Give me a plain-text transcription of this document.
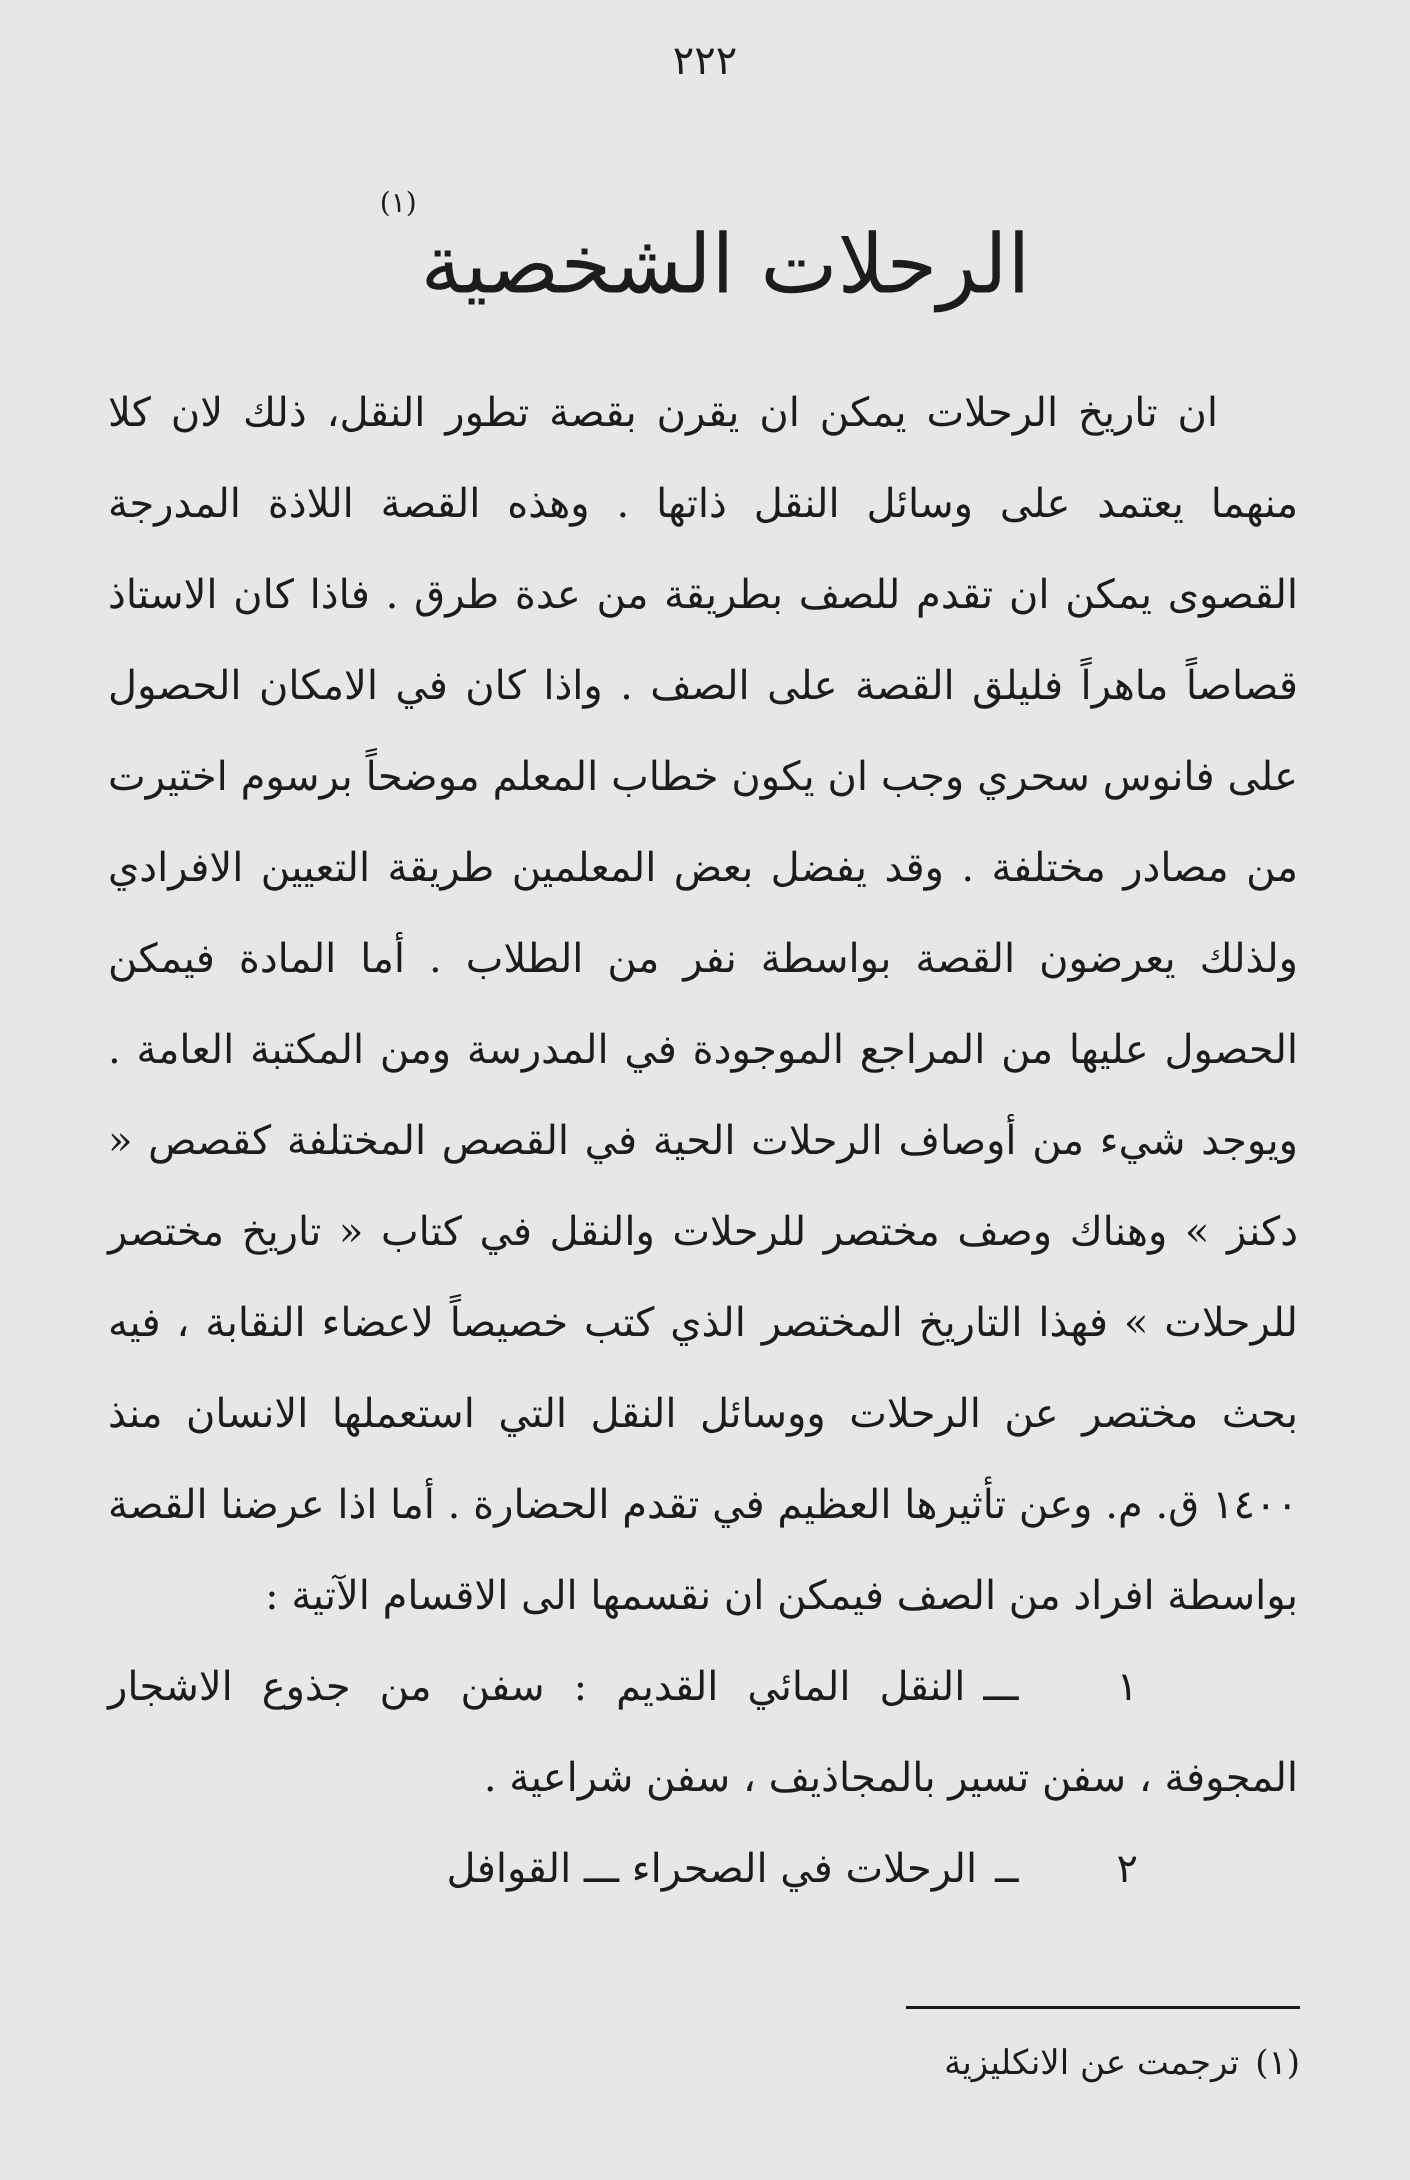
٢٢٢
الرحلات الشخصية$^{(١)}$

ان تاريخ الرحلات يمكن ان يقرن بقصة تطور النقل، ذلك لان كلا منهما يعتمد على وسائل النقل ذاتها . وهذه القصة اللاذة المدرجة القصوى يمكن ان تقدم للصف بطريقة من عدة طرق . فاذا كان الاستاذ قصاصاً ماهراً فليلق القصة على الصف . واذا كان في الامكان الحصول على فانوس سحري وجب ان يكون خطاب المعلم موضحاً برسوم اختيرت من مصادر مختلفة . وقد يفضل بعض المعلمين طريقة التعيين الافرادي ولذلك يعرضون القصة بواسطة نفر من الطلاب . أما المادة فيمكن الحصول عليها من المراجع الموجودة في المدرسة ومن المكتبة العامة . ويوجد شيء من أوصاف الرحلات الحية في القصص المختلفة كقصص « دكنز » وهناك وصف مختصر للرحلات والنقل في كتاب « تاريخ مختصر للرحلات » فهذا التاريخ المختصر الذي كتب خصيصاً لاعضاء النقابة ، فيه بحث مختصر عن الرحلات ووسائل النقل التي استعملها الانسان منذ ١٤٠٠ ق. م. وعن تأثيرها العظيم في تقدم الحضارة . أما اذا عرضنا القصة بواسطة افراد من الصف فيمكن ان نقسمها الى الاقسام الآتية :

١ـــالنقل المائي القديم : سفن من جذوع الاشجار المجوفة ، سفن تسير بالمجاذيف ، سفن شراعية .

٢ــالرحلات في الصحراء ـــ القوافل

(١)ترجمت عن الانكليزية
